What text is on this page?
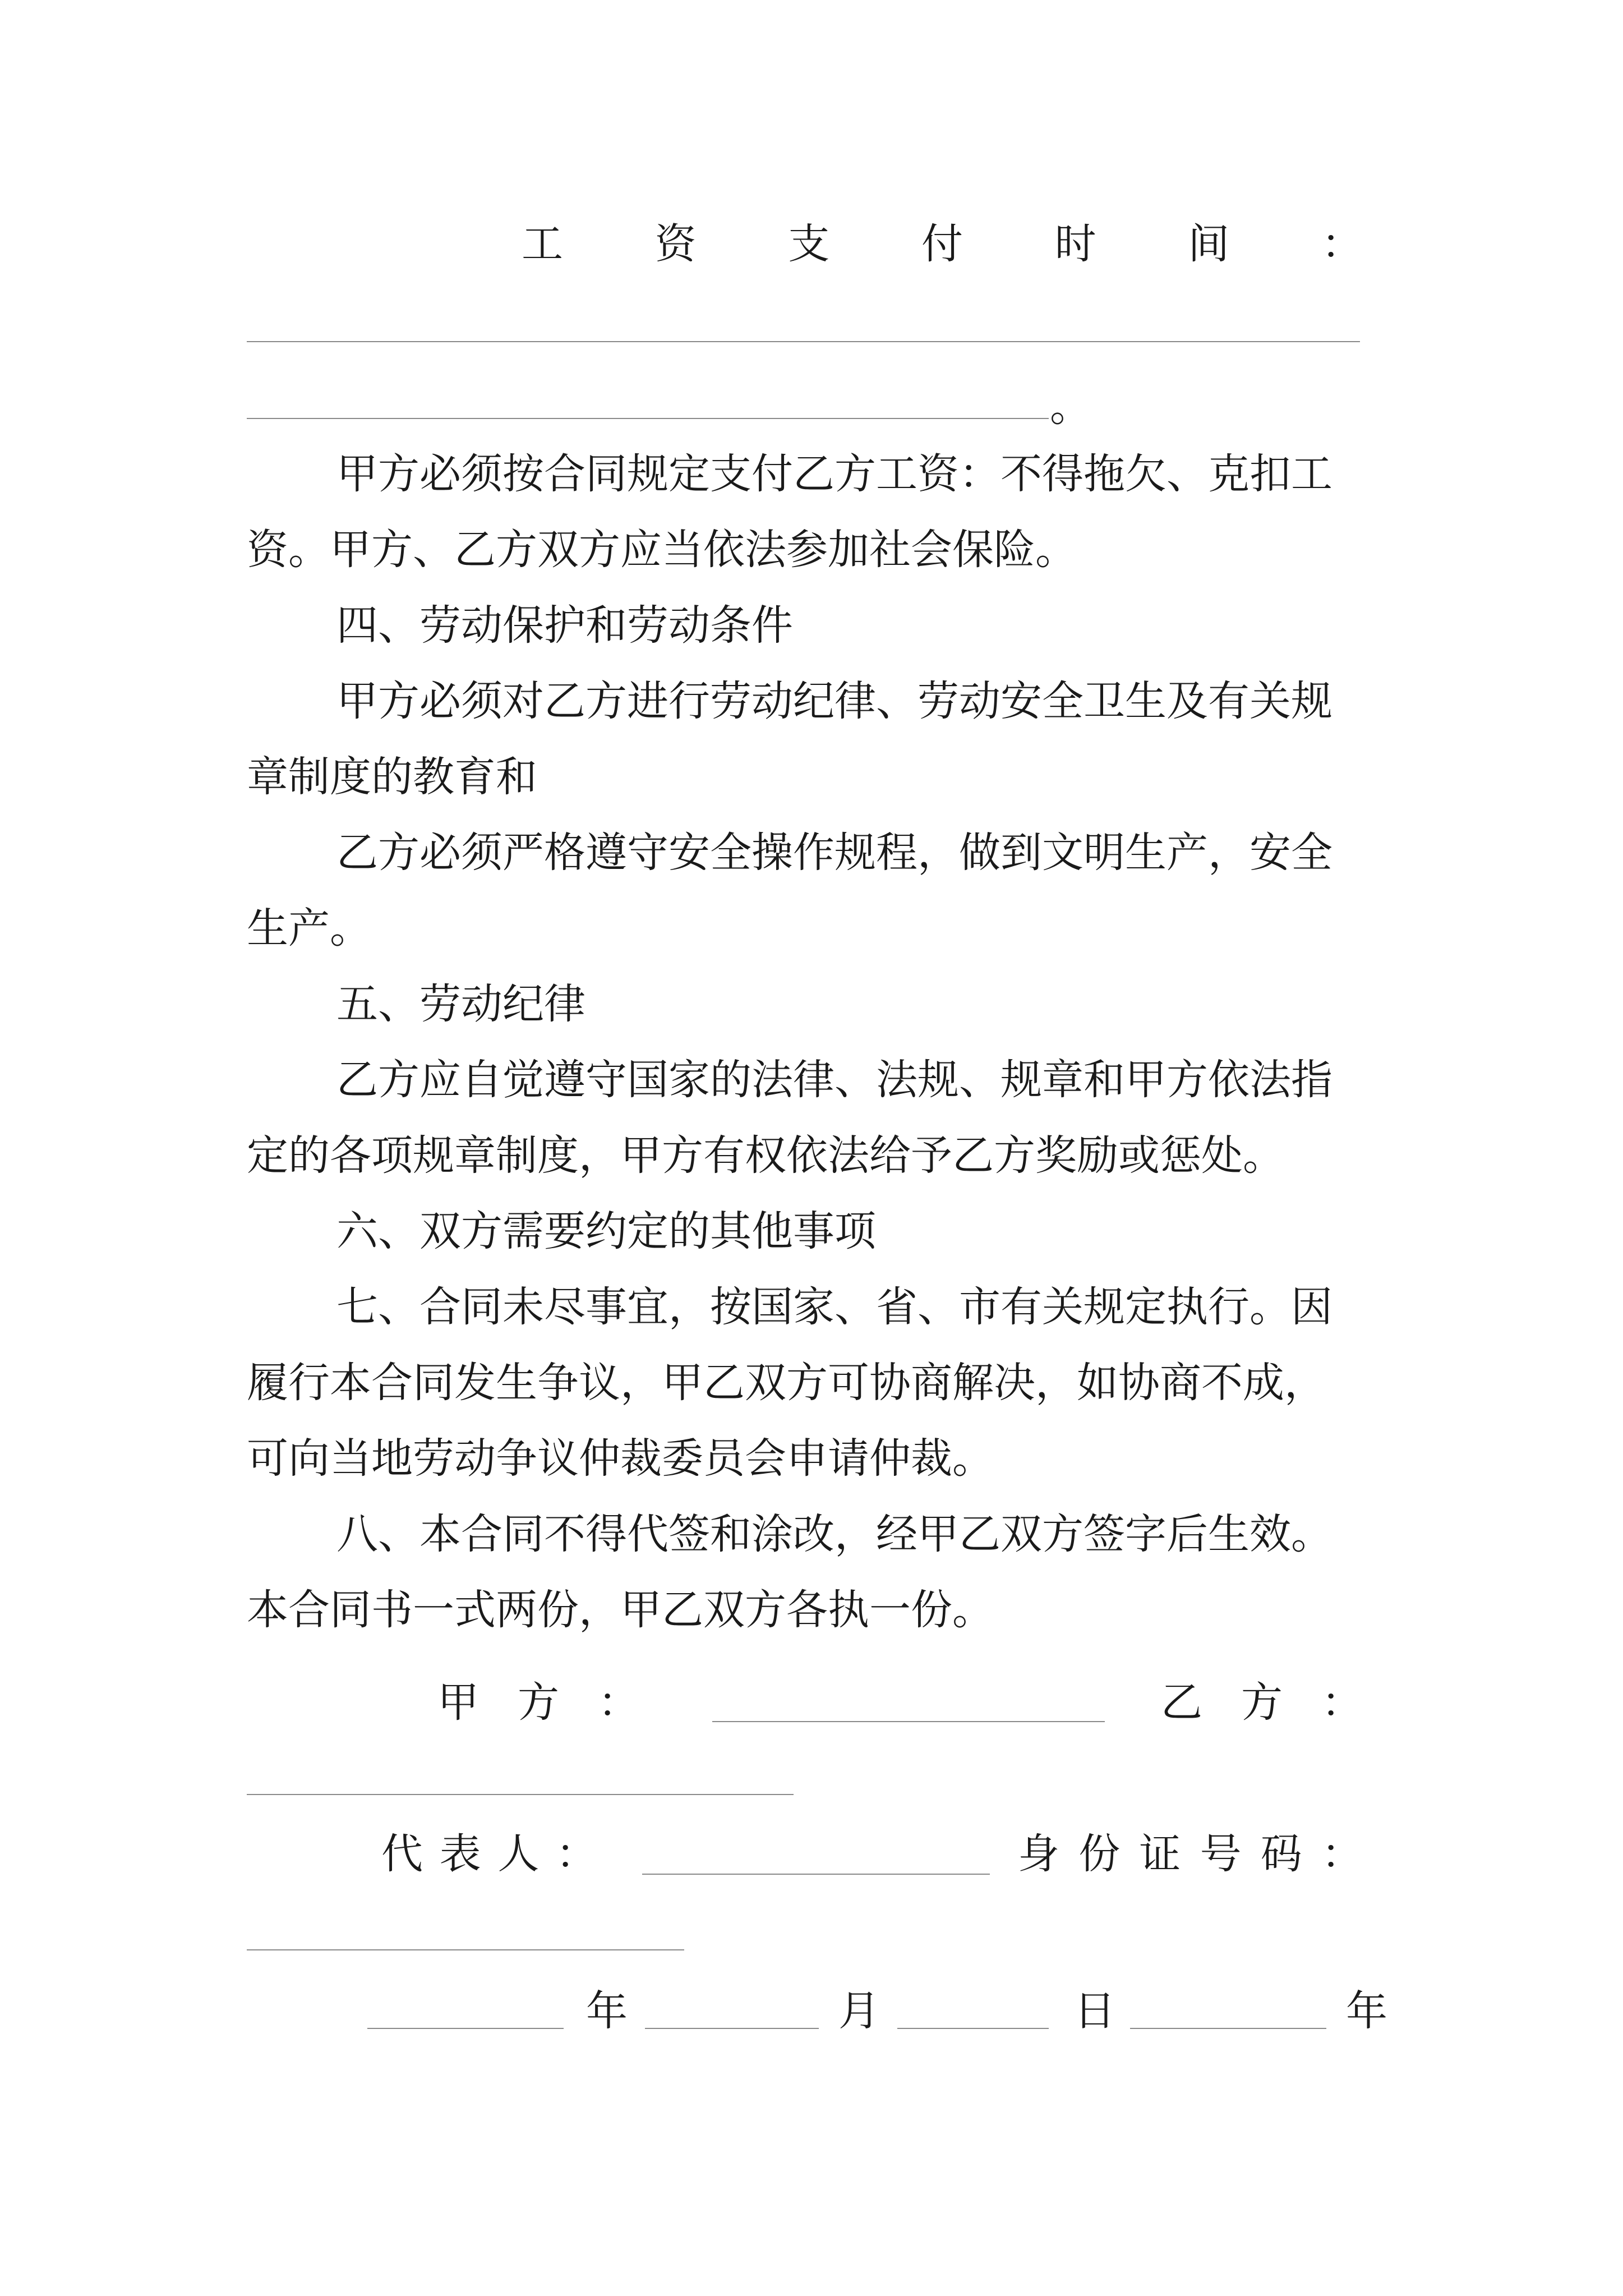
工 资 支 付 时 间 ：
。
甲方必须按合同规定支付乙方工资：不得拖欠、克扣工
资。甲方、乙方双方应当依法参加社会保险。
四、劳动保护和劳动条件
甲方必须对乙方进行劳动纪律、劳动安全卫生及有关规
章制度的教育和
乙方必须严格遵守安全操作规程，做到文明生产，安全
生产。
五、劳动纪律
乙方应自觉遵守国家的法律、法规、规章和甲方依法指
定的各项规章制度，甲方有权依法给予乙方奖励或惩处。
六、双方需要约定的其他事项
七、合同未尽事宜，按国家、省、市有关规定执行。因
履行本合同发生争议，甲乙双方可协商解决，如协商不成，
可向当地劳动争议仲裁委员会申请仲裁。
八、本合同不得代签和涂改，经甲乙双方签字后生效。
本合同书一式两份，甲乙双方各执一份。
甲 方 ：	乙 方 ：
代 表 人 ：	身 份 证 号 码 ：
年	月	日	年
